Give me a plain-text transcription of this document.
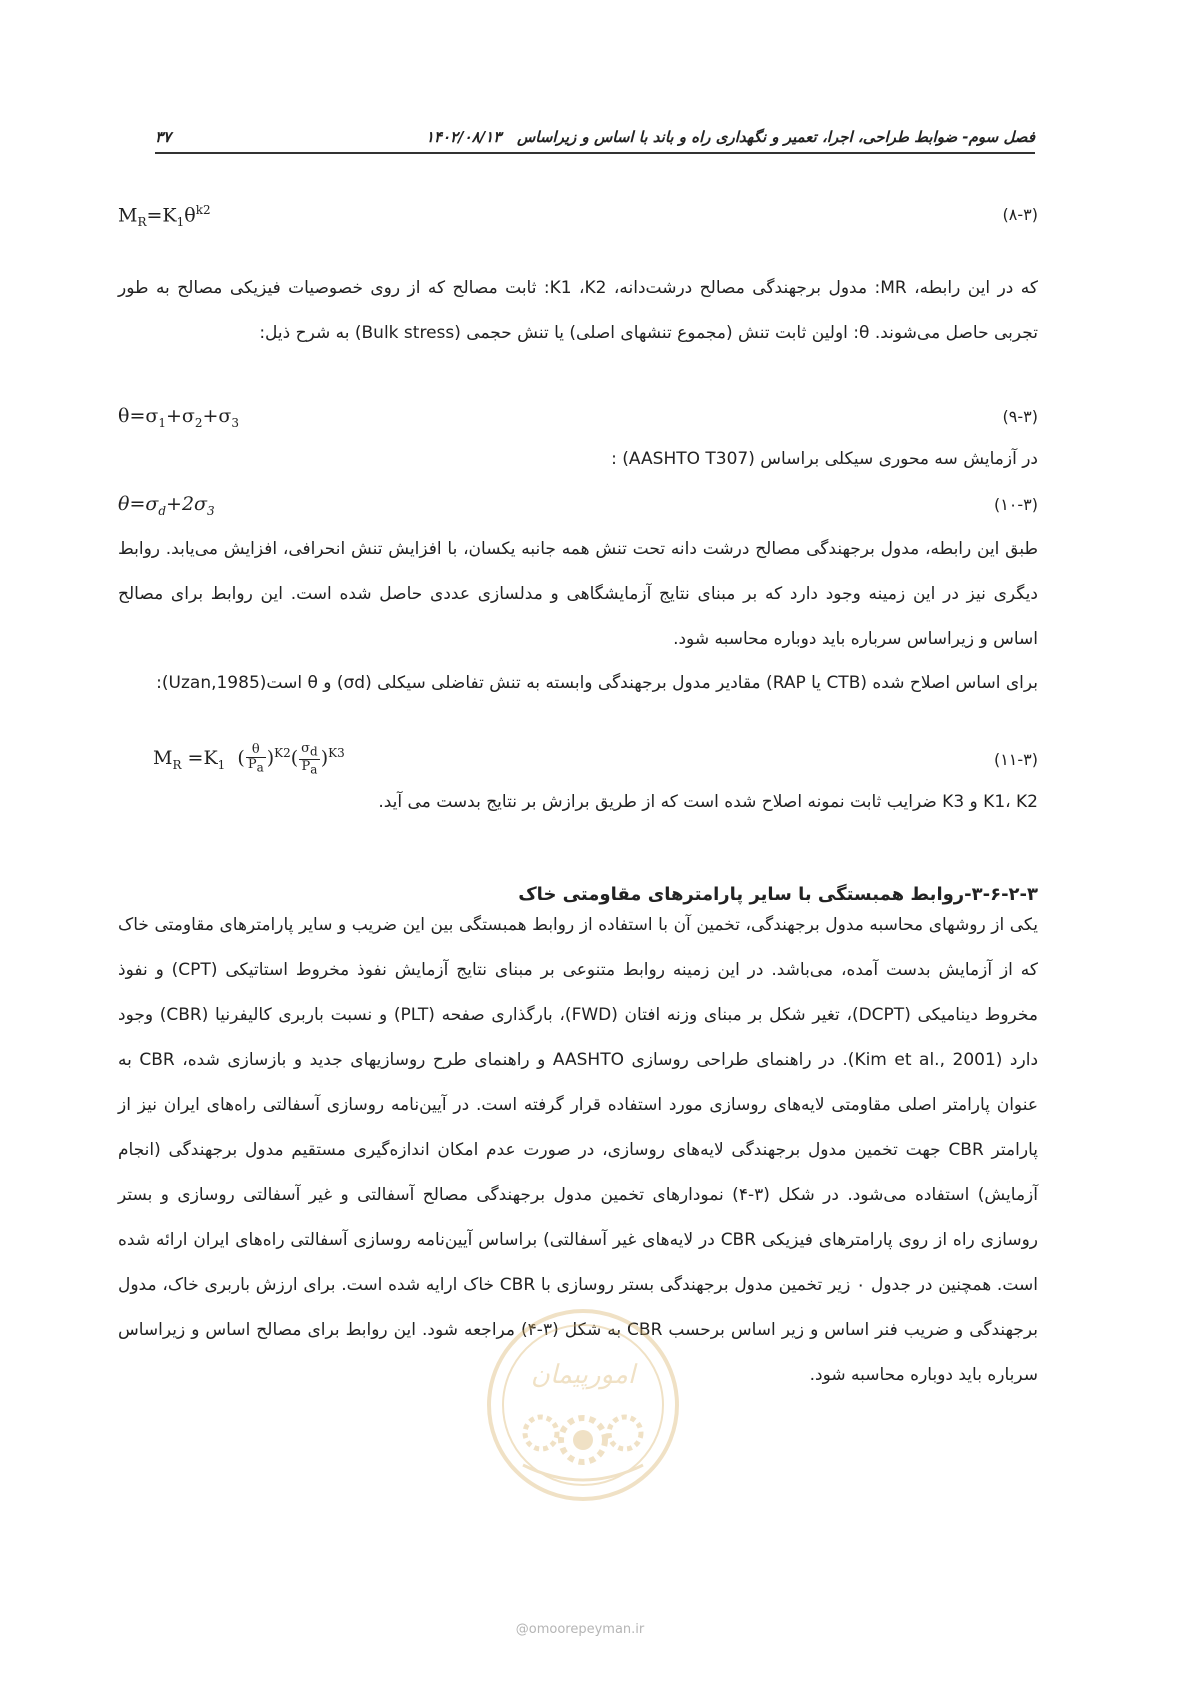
فصل سوم- ضوابط طراحی، اجرا، تعمیر و نگهداری راه و باند با اساس و زیراساس   ۱۴۰۲/۰۸/۱۳
۳۷
$M_R=K_1\theta^{k2}$	(۸-۳)
که در این رابطه، MR: مدول برجهندگی مصالح درشت‌دانه، K1 ،K2: ثابت مصالح که از روی خصوصیات فیزیکی مصالح به طور تجربی حاصل می‌شوند. θ: اولین ثابت تنش (مجموع تنشهای اصلی) یا تنش حجمی (Bulk stress) به شرح ذیل:
$\theta=\sigma_1+\sigma_2+\sigma_3$	(۹-۳)
در آزمایش سه محوری سیکلی براساس (AASHTO T307) :
$\theta=\sigma_d+2\sigma_3$	(۱۰-۳)
طبق این رابطه، مدول برجهندگی مصالح درشت دانه تحت تنش همه جانبه یکسان، با افزایش تنش انحرافی، افزایش می‌یابد. روابط دیگری نیز در این زمینه وجود دارد که بر مبنای نتایج آزمایشگاهی و مدلسازی عددی حاصل شده است. این روابط برای مصالح اساس و زیراساس سرباره باید دوباره محاسبه شود.
برای اساس اصلاح شده (CTB یا RAP) مقادیر مدول برجهندگی وابسته به تنش تفاضلی سیکلی (σd) و θ است(Uzan,1985):
$M_R =K_1$  ( $\frac{\theta}{P_a} )^{K2}( \frac{\sigma_d}{P_a} )^{K3}$	(۱۱-۳)
K1، K2 و K3 ضرایب ثابت نمونه اصلاح شده است که از طریق برازش بر نتایج بدست می آید.
۳-۶-۲-۳-روابط همبستگی با سایر پارامترهای مقاومتی خاک
یکی از روشهای محاسبه مدول برجهندگی، تخمین آن با استفاده از روابط همبستگی بین این ضریب و سایر پارامترهای مقاومتی خاک که از آزمایش بدست آمده، می‌باشد. در این زمینه روابط متنوعی بر مبنای نتایج آزمایش نفوذ مخروط استاتیکی (CPT) و نفوذ مخروط دینامیکی (DCPT)، تغیر شکل بر مبنای وزنه افتان (FWD)، بارگذاری صفحه (PLT) و نسبت باربری کالیفرنیا (CBR) وجود دارد (Kim et al., 2001). در راهنمای طراحی روسازی AASHTO و راهنمای طرح روسازیهای جدید و بازسازی شده، CBR به عنوان پارامتر اصلی مقاومتی لایه‌های روسازی مورد استفاده قرار گرفته است. در آیین‌نامه روسازی آسفالتی راه‌های ایران نیز از پارامتر CBR جهت تخمین مدول برجهندگی لایه‌های روسازی، در صورت عدم امکان اندازه‌گیری مستقیم مدول برجهندگی (انجام آزمایش) استفاده می‌شود. در شکل (۳-۴) نمودارهای تخمین مدول برجهندگی مصالح آسفالتی و غیر آسفالتی روسازی و بستر روسازی راه از روی پارامترهای فیزیکی CBR در لایه‌های غیر آسفالتی) براساس آیین‌نامه روسازی آسفالتی راه‌های ایران ارائه شده است. همچنین در جدول ۰ زیر تخمین مدول برجهندگی بستر روسازی با CBR خاک ارایه شده است. برای ارزش باربری خاک، مدول برجهندگی و ضریب فنر اساس و زیر اساس برحسب CBR به شکل (۳-۴) مراجعه شود. این روابط برای مصالح اساس و زیراساس سرباره باید دوباره محاسبه شود.
امورپیمان
@omoorepeyman.ir
